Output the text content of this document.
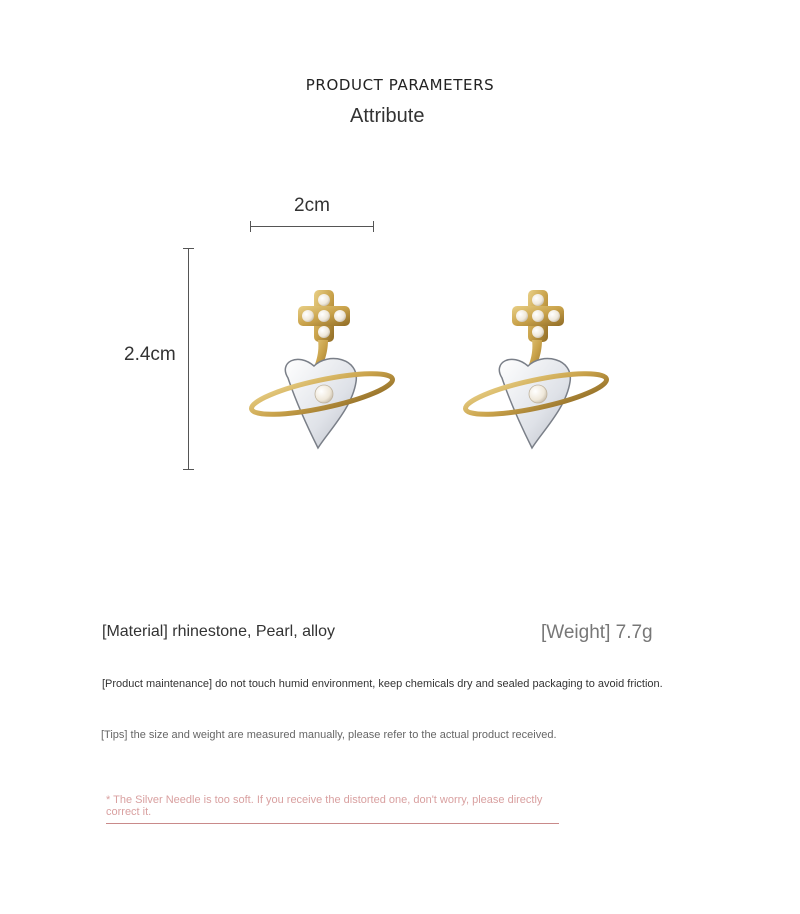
PRODUCT PARAMETERS
Attribute
2cm
2.4cm
[Material] rhinestone, Pearl, alloy	[Weight] 7.7g
[Product maintenance] do not touch humid environment, keep chemicals dry and sealed packaging to avoid friction.
[Tips] the size and weight are measured manually, please refer to the actual product received.
* The Silver Needle is too soft. If you receive the distorted one, don't worry, please directly correct it.
